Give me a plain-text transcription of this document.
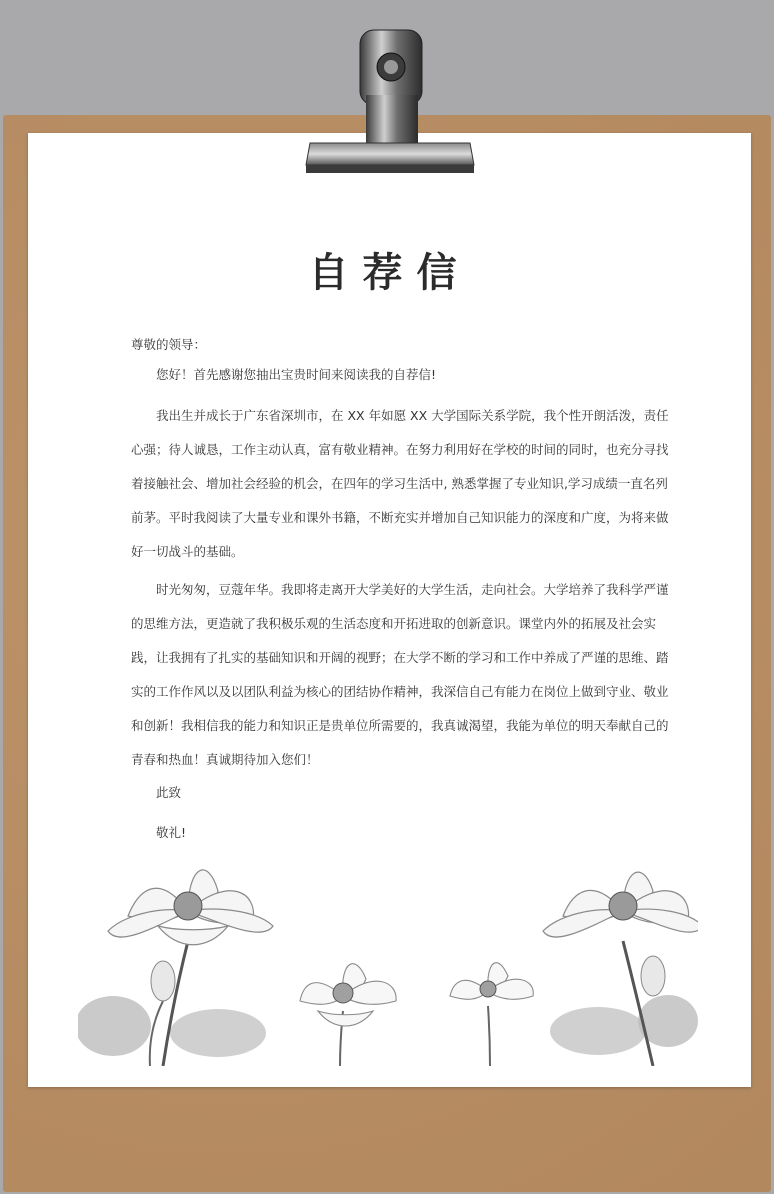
自荐信
尊敬的领导：
您好！首先感谢您抽出宝贵时间来阅读我的自荐信!
我出生并成长于广东省深圳市，在 XX 年如愿 XX 大学国际关系学院，我个性开朗活泼，责任心强；待人诚恳，工作主动认真，富有敬业精神。在努力利用好在学校的时间的同时，也充分寻找着接触社会、增加社会经验的机会，在四年的学习生活中, 熟悉掌握了专业知识,学习成绩一直名列前茅。平时我阅读了大量专业和课外书籍，不断充实并增加自己知识能力的深度和广度，为将来做好一切战斗的基础。
时光匆匆，豆蔻年华。我即将走离开大学美好的大学生活，走向社会。大学培养了我科学严谨的思维方法，更造就了我积极乐观的生活态度和开拓进取的创新意识。课堂内外的拓展及社会实践，让我拥有了扎实的基础知识和开阔的视野；在大学不断的学习和工作中养成了严谨的思维、踏实的工作作风以及以团队利益为核心的团结协作精神，我深信自己有能力在岗位上做到守业、敬业和创新！我相信我的能力和知识正是贵单位所需要的，我真诚渴望，我能为单位的明天奉献自己的青春和热血！真诚期待加入您们！
此致
敬礼!
